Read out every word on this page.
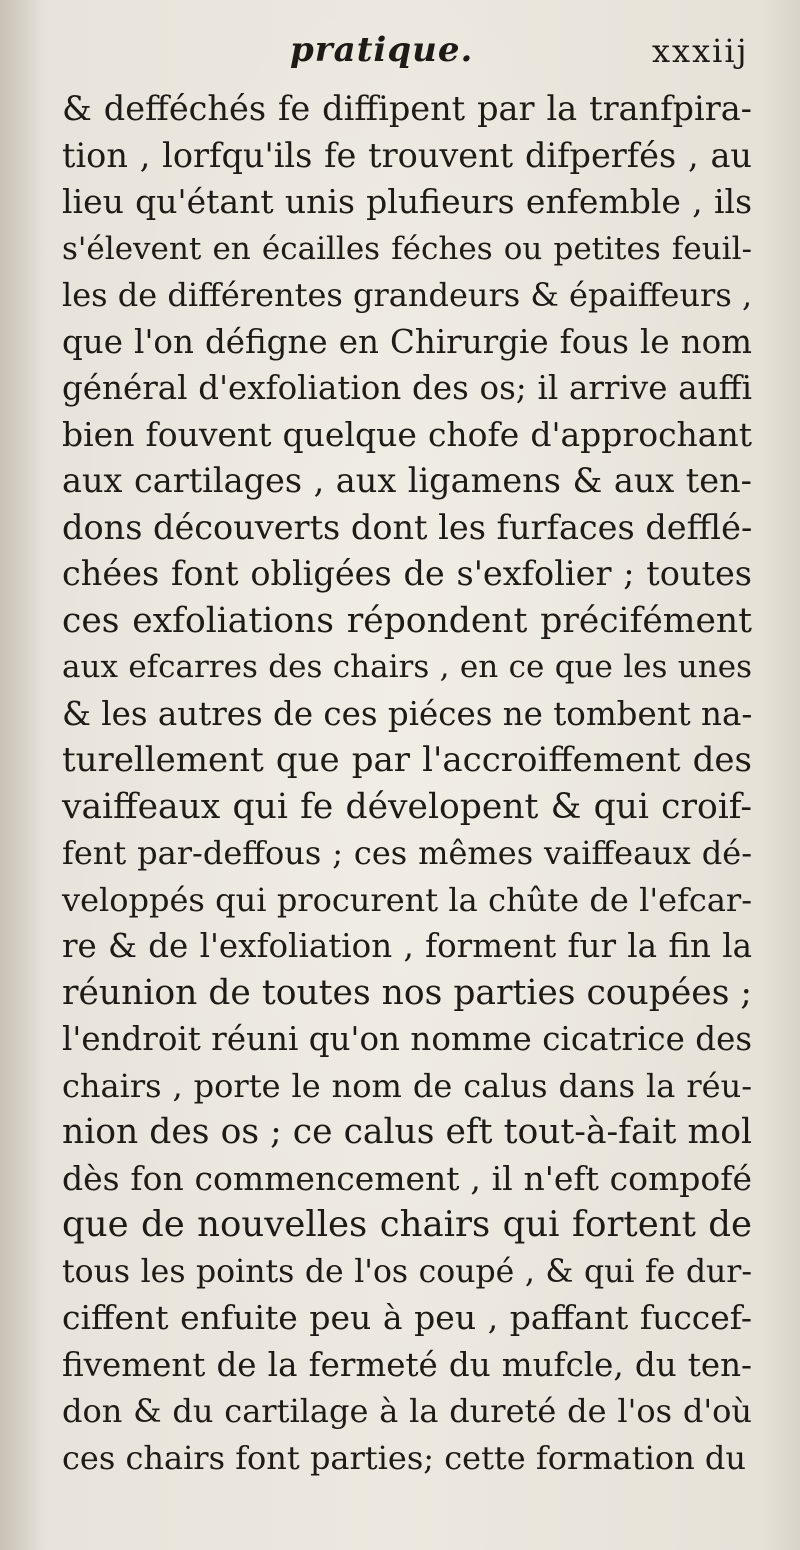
pratique.	xxxiij
& defféchés fe diffipent par la tranfpira-
tion , lorfqu'ils fe trouvent difperfés , au
lieu qu'étant unis plufieurs enfemble , ils
s'élevent en écailles féches ou petites feuil-
les de différentes grandeurs & épaiffeurs ,
que l'on défigne en Chirurgie fous le nom
général d'exfoliation des os; il arrive auffi
bien fouvent quelque chofe d'approchant
aux cartilages , aux ligamens & aux ten-
dons découverts dont les furfaces defflé-
chées font obligées de s'exfolier ; toutes
ces exfoliations répondent précifément
aux efcarres des chairs , en ce que les unes
& les autres de ces piéces ne tombent na-
turellement que par l'accroiffement des
vaiffeaux qui fe dévelopent & qui croif-
fent par-deffous ; ces mêmes vaiffeaux dé-
veloppés qui procurent la chûte de l'efcar-
re & de l'exfoliation , forment fur la fin la
réunion de toutes nos parties coupées ;
l'endroit réuni qu'on nomme cicatrice des
chairs , porte le nom de calus dans la réu-
nion des os ; ce calus eft tout-à-fait mol
dès fon commencement , il n'eft compofé
que de nouvelles chairs qui fortent de
tous les points de l'os coupé , & qui fe dur-
ciffent enfuite peu à peu , paffant fuccef-
fivement de la fermeté du mufcle, du ten-
don & du cartilage à la dureté de l'os d'où
ces chairs font parties; cette formation du
